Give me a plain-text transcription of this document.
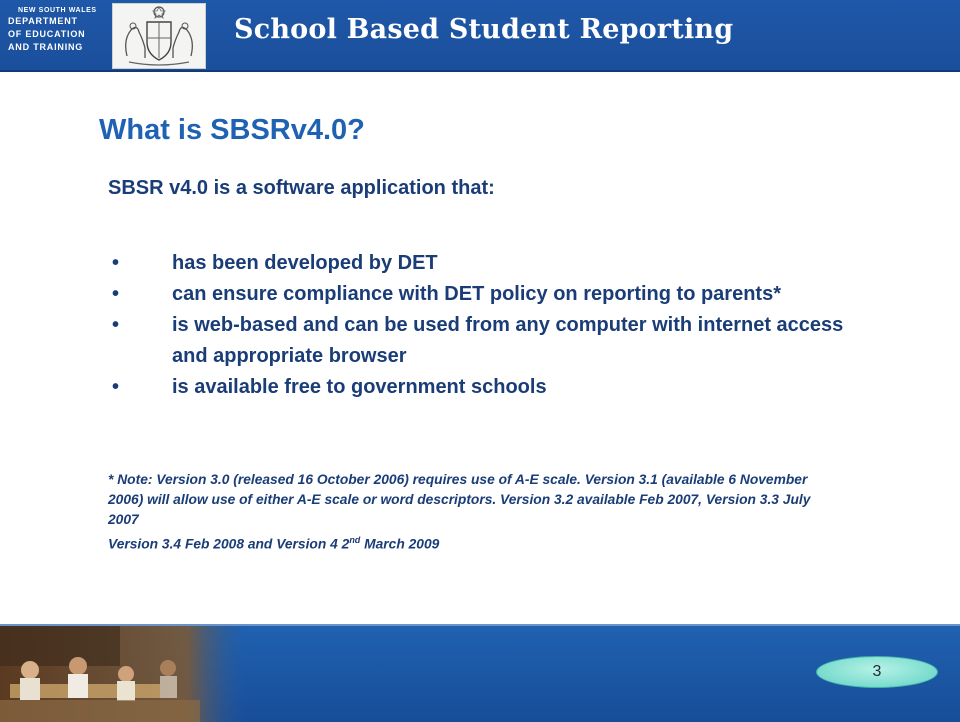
NEW SOUTH WALES
DEPARTMENT
OF EDUCATION
AND TRAINING
School Based Student Reporting
What is SBSRv4.0?
SBSR v4.0 is a software application that:
•	has been developed by DET
•	can ensure compliance with DET policy on reporting to parents*
•	is web-based and can be used from any computer with internet access and appropriate browser
•	is available free to government schools
* Note: Version 3.0 (released 16 October 2006) requires use of A-E scale. Version 3.1 (available 6 November 2006) will allow use of either A-E scale or word descriptors. Version 3.2 available Feb 2007, Version 3.3 July 2007
Version 3.4 Feb 2008 and Version 4 2nd March 2009
3
